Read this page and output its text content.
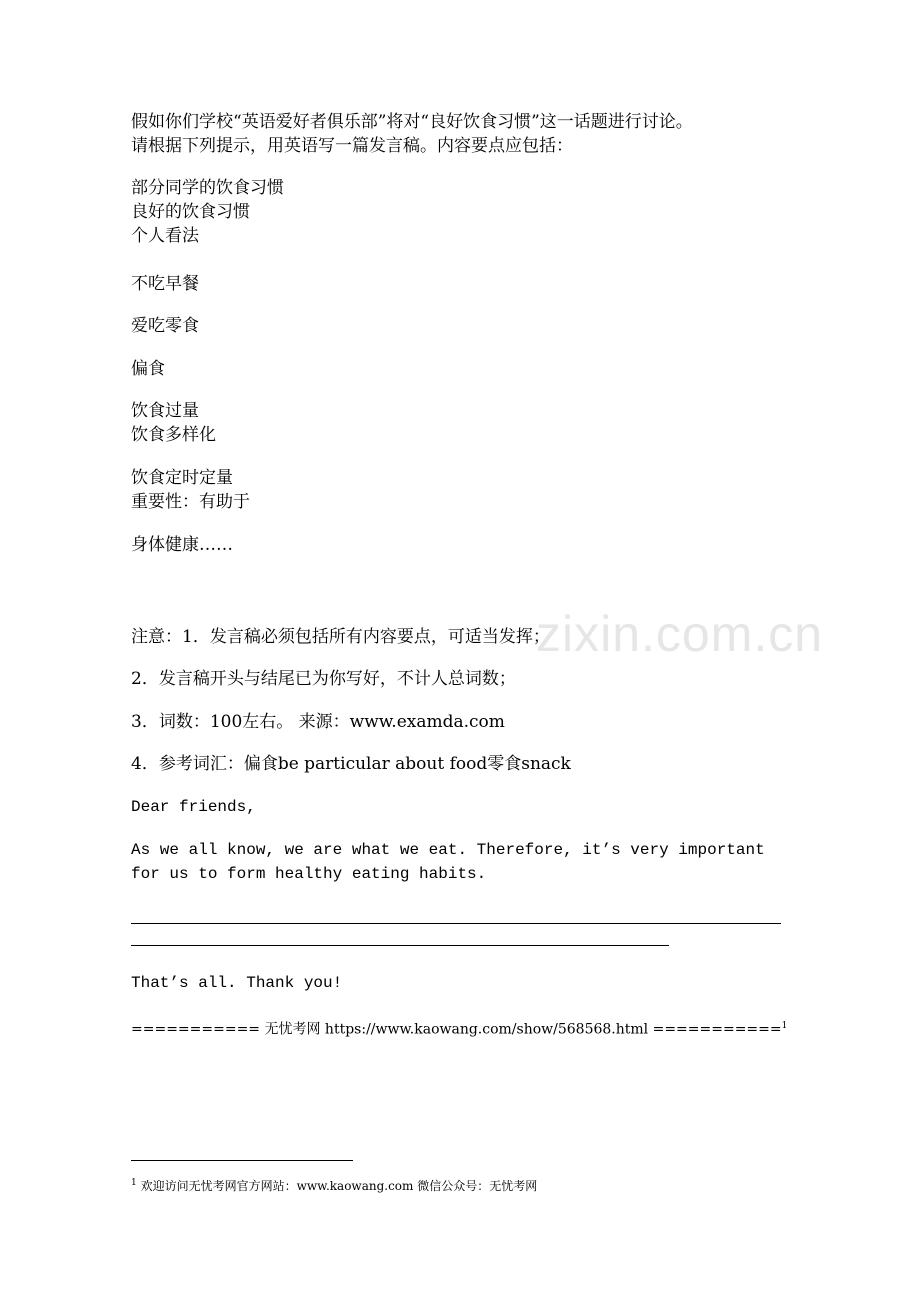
zixin.com.cn

假如你们学校“英语爱好者俱乐部”将对“良好饮食习惯”这一话题进行讨论。

请根据下列提示，用英语写一篇发言稿。内容要点应包括：

部分同学的饮食习惯

良好的饮食习惯

个人看法

不吃早餐

爱吃零食

偏食

饮食过量

饮食多样化

饮食定时定量

重要性：有助于

身体健康……

注意：1．发言稿必须包括所有内容要点，可适当发挥；

2．发言稿开头与结尾已为你写好，不计人总词数；

3．词数：100左右。 来源：www.examda.com

4．参考词汇：偏食be particular about food零食snack

Dear friends,

As we all know, we are what we eat. Therefore, it’s very important

for us to form healthy eating habits.

That’s all. Thank you!

=========== 无忧考网 https://www.kaowang.com/show/568568.html ===========$^1$

$^1$ 欢迎访问无忧考网官方网站：www.kaowang.com 微信公众号：无忧考网
